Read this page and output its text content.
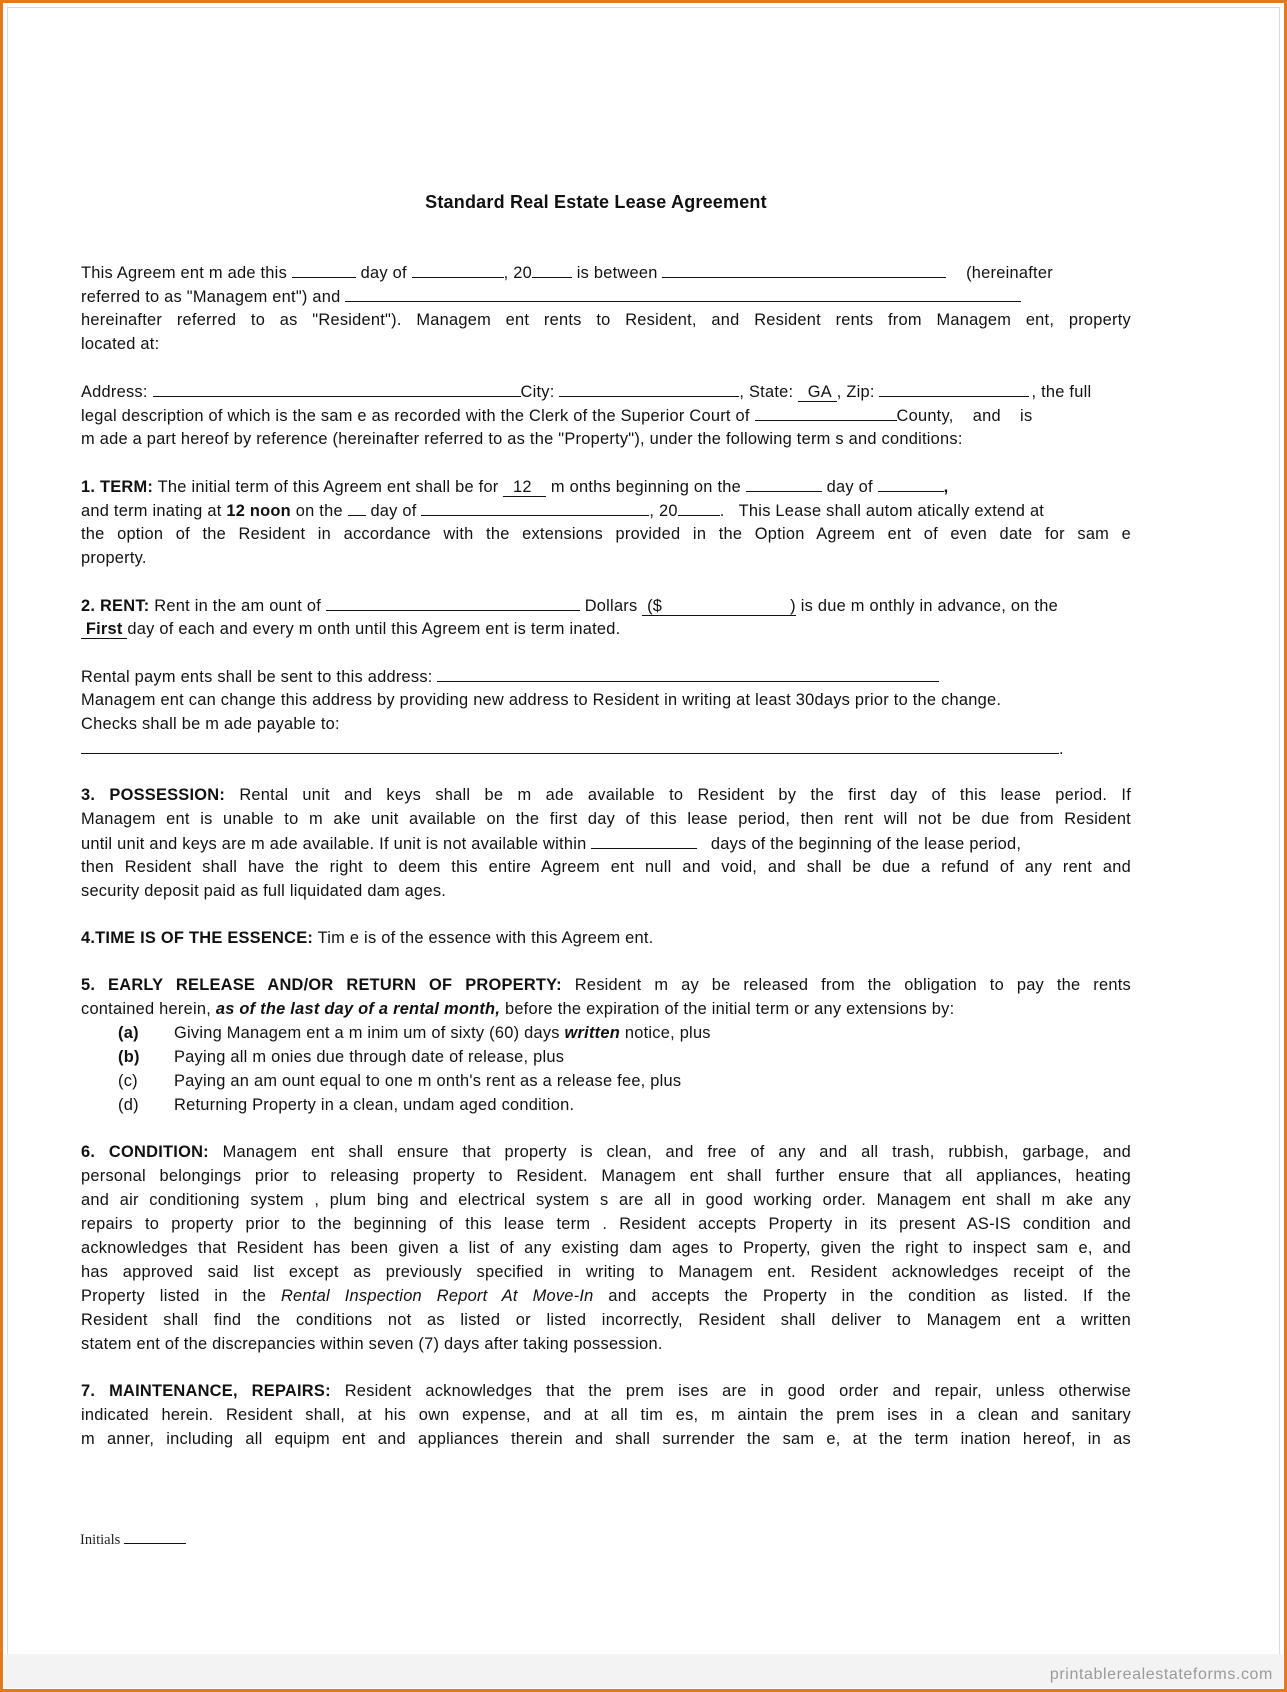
Standard Real Estate Lease Agreement
This Agreem ent m ade this	day of	, 20	is between	(hereinafter
referred to as "Managem ent") and
hereinafter referred to as "Resident"). Managem ent rents to Resident, and Resident rents from Managem ent, property
located at:
Address:	City:	, State: GA , Zip:	, the full
legal description of which is the sam e as recorded with the Clerk of the Superior Court of	County,    and    is
m ade a part hereof by reference (hereinafter referred to as the "Property"), under the following term s and conditions:
1. TERM: The initial term of this Agreem ent shall be for 12 m onths beginning on the	day of	,
and term inating at 12 noon on the day of	, 20	.   This Lease shall autom atically extend at
the option of the Resident in accordance with the extensions provided in the Option Agreem ent of even date for sam e
property.
2. RENT: Rent in the am ount of	Dollars ($	) is due m onthly in advance, on the
First day of each and every m onth until this Agreem ent is term inated.
Rental paym ents shall be sent to this address:
Managem ent can change this address by providing new address to Resident in writing at least 30days prior to the change.
Checks shall be m ade payable to:
.
3. POSSESSION: Rental unit and keys shall be m ade available to Resident by the first day of this lease period. If
Managem ent is unable to m ake unit available on the first day of this lease period, then rent will not be due from Resident
until unit and keys are m ade available. If unit is not available within	days of the beginning of the lease period,
then Resident shall have the right to deem this entire Agreem ent null and void, and shall be due a refund of any rent and
security deposit paid as full liquidated dam ages.
4.TIME IS OF THE ESSENCE: Tim e is of the essence with this Agreem ent.
5. EARLY RELEASE AND/OR RETURN OF PROPERTY: Resident m ay be released from the obligation to pay the rents
contained herein, as of the last day of a rental month, before the expiration of the initial term or any extensions by:
(a) Giving Managem ent a m inim um of sixty (60) days written notice, plus
(b) Paying all m onies due through date of release, plus
(c) Paying an am ount equal to one m onth's rent as a release fee, plus
(d) Returning Property in a clean, undam aged condition.
6. CONDITION: Managem ent shall ensure that property is clean, and free of any and all trash, rubbish, garbage, and
personal belongings prior to releasing property to Resident. Managem ent shall further ensure that all appliances, heating
and air conditioning system , plum bing and electrical system s are all in good working order. Managem ent shall m ake any
repairs to property prior to the beginning of this lease term . Resident accepts Property in its present AS-IS condition and
acknowledges that Resident has been given a list of any existing dam ages to Property, given the right to inspect sam e, and
has approved said list except as previously specified in writing to Managem ent. Resident acknowledges receipt of the
Property listed in the Rental Inspection Report At Move-In and accepts the Property in the condition as listed. If the
Resident shall find the conditions not as listed or listed incorrectly, Resident shall deliver to Managem ent a written
statem ent of the discrepancies within seven (7) days after taking possession.
7. MAINTENANCE, REPAIRS: Resident acknowledges that the prem ises are in good order and repair, unless otherwise
indicated herein. Resident shall, at his own expense, and at all tim es, m aintain the prem ises in a clean and sanitary
m anner, including all equipm ent and appliances therein and shall surrender the sam e, at the term ination hereof, in as
Initials
printablerealestateforms.com
